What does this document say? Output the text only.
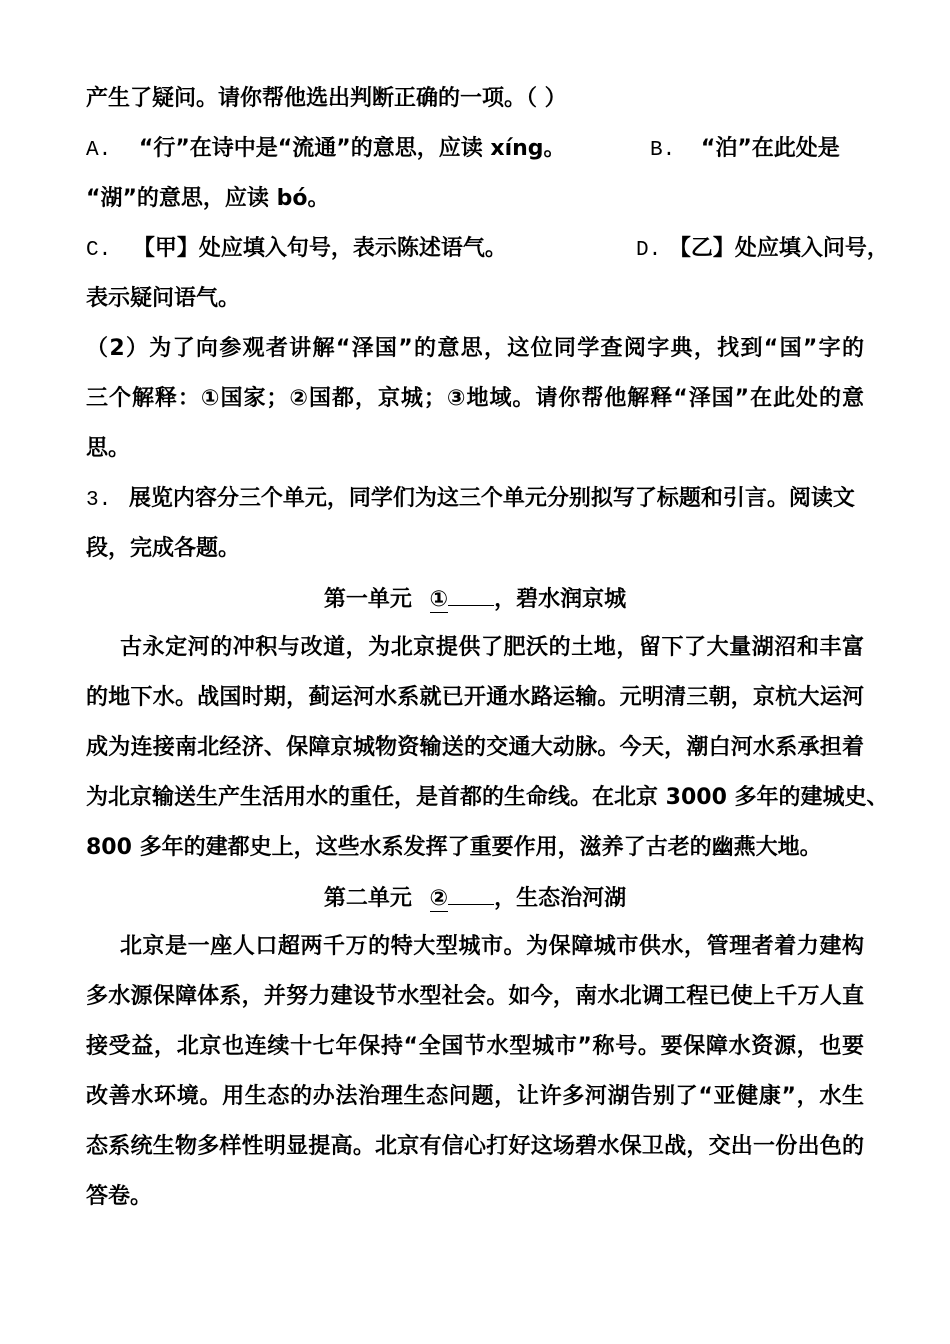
产生了疑问。请你帮他选出判断正确的一项。（ ）
A. “行”在诗中是“流通”的意思，应读 xíng。	B. “泊”在此处是
“湖”的意思，应读 bó。
C. 【甲】处应填入句号，表示陈述语气。	D. 【乙】处应填入问号，
表示疑问语气。
（2）为了向参观者讲解“泽国”的意思，这位同学查阅字典，找到“国”字的
三个解释：①国家；②国都，京城；③地域。请你帮他解释“泽国”在此处的意
思。
3. 展览内容分三个单元，同学们为这三个单元分别拟写了标题和引言。阅读文
段，完成各题。
第一单元 ① ，碧水润京城
古永定河的冲积与改道，为北京提供了肥沃的土地，留下了大量湖沼和丰富
的地下水。战国时期，蓟运河水系就已开通水路运输。元明清三朝，京杭大运河
成为连接南北经济、保障京城物资输送的交通大动脉。今天，潮白河水系承担着
为北京输送生产生活用水的重任，是首都的生命线。在北京 3000 多年的建城史、
800 多年的建都史上，这些水系发挥了重要作用，滋养了古老的幽燕大地。
第二单元 ② ，生态治河湖
北京是一座人口超两千万的特大型城市。为保障城市供水，管理者着力建构
多水源保障体系，并努力建设节水型社会。如今，南水北调工程已使上千万人直
接受益，北京也连续十七年保持“全国节水型城市”称号。要保障水资源，也要
改善水环境。用生态的办法治理生态问题，让许多河湖告别了“亚健康”，水生
态系统生物多样性明显提高。北京有信心打好这场碧水保卫战，交出一份出色的
答卷。
